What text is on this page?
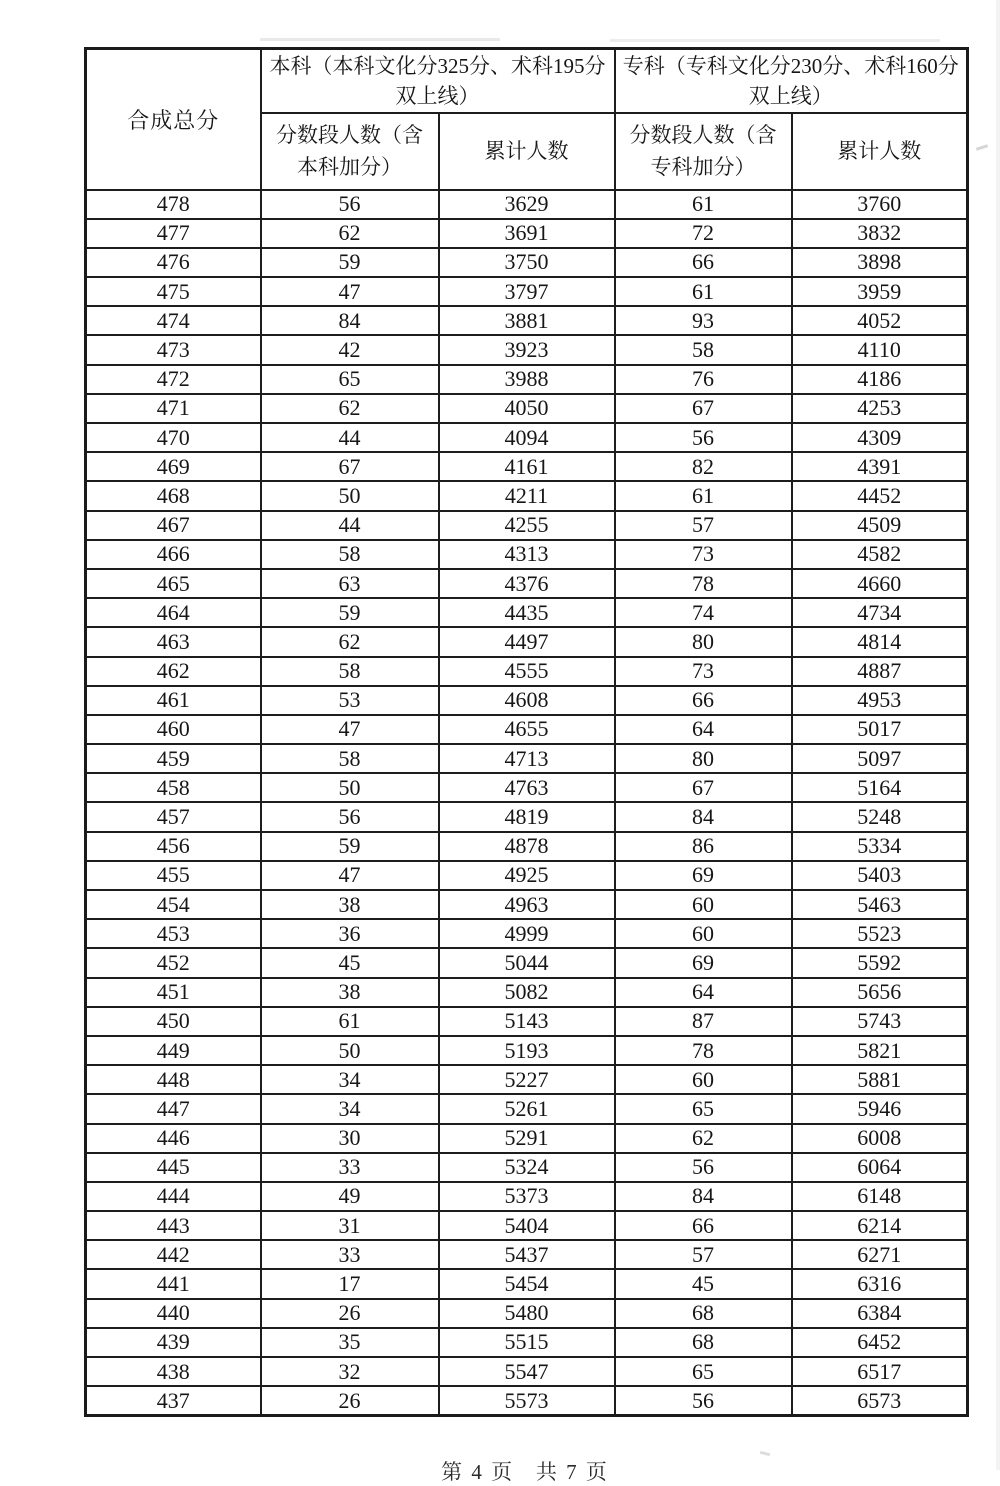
合成总分	本科（本科文化分325分、术科195分双上线）		专科（专科文化分230分、术科160分双上线）	
	分数段人数（含本科加分）	累计人数	分数段人数（含专科加分）	累计人数
478	56	3629	61	3760
477	62	3691	72	3832
476	59	3750	66	3898
475	47	3797	61	3959
474	84	3881	93	4052
473	42	3923	58	4110
472	65	3988	76	4186
471	62	4050	67	4253
470	44	4094	56	4309
469	67	4161	82	4391
468	50	4211	61	4452
467	44	4255	57	4509
466	58	4313	73	4582
465	63	4376	78	4660
464	59	4435	74	4734
463	62	4497	80	4814
462	58	4555	73	4887
461	53	4608	66	4953
460	47	4655	64	5017
459	58	4713	80	5097
458	50	4763	67	5164
457	56	4819	84	5248
456	59	4878	86	5334
455	47	4925	69	5403
454	38	4963	60	5463
453	36	4999	60	5523
452	45	5044	69	5592
451	38	5082	64	5656
450	61	5143	87	5743
449	50	5193	78	5821
448	34	5227	60	5881
447	34	5261	65	5946
446	30	5291	62	6008
445	33	5324	56	6064
444	49	5373	84	6148
443	31	5404	66	6214
442	33	5437	57	6271
441	17	5454	45	6316
440	26	5480	68	6384
439	35	5515	68	6452
438	32	5547	65	6517
437	26	5573	56	6573
第 4 页   共 7 页
